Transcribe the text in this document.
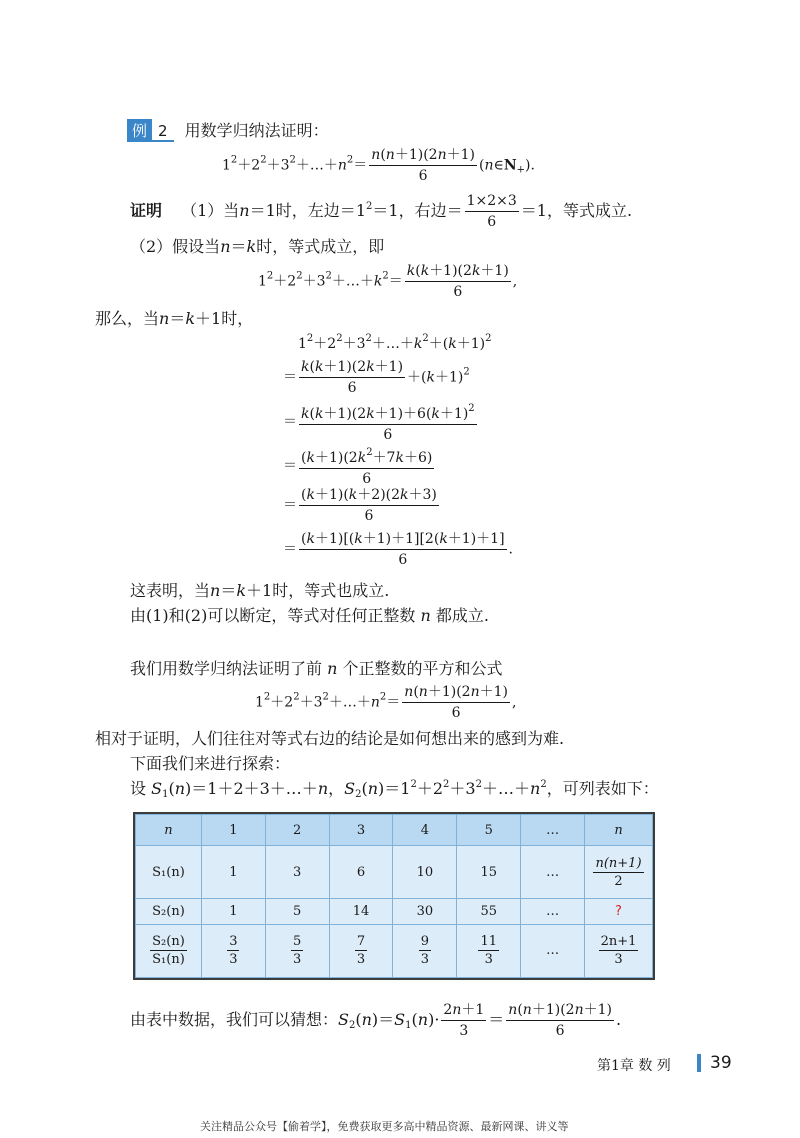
例 2 用数学归纳法证明：
$1^2+2^2+3^2+\dots+n^2= \frac{n(n+1)(2n+1)}{6}$ $(n\in N_+)$.
证明 （1）当n＝1时，左边$=1^2=1$，右边＝ $\frac{1\times 2\times 3}{6} =1$，等式成立.
（2）假设当n＝k时，等式成立，即
$1^2+2^2+3^2+\dots+k^2= \frac{k(k+1)(2k+1)}{6}$ ,
那么，当n＝k＋1时，
$1^2+2^2+3^2+\dots+k^2+(k+1)^2$
＝ $\frac{k(k+1)(2k+1)}{6} +(k+1)^2$
＝ $\frac{k(k+1)(2k+1)+6(k+1)^2}{6}$
＝ $\frac{(k+1)(2k^2+7k+6)}{6}$
＝ $\frac{(k+1)(k+2)(2k+3)}{6}$
＝ $\frac{(k+1)[(k+1)+1][2(k+1)+1]}{6}$ .
这表明，当n＝k＋1时，等式也成立.
由(1)和(2)可以断定，等式对任何正整数 n 都成立.
我们用数学归纳法证明了前 n 个正整数的平方和公式
$1^2+2^2+3^2+\dots+n^2= \frac{n(n+1)(2n+1)}{6}$ ,
相对于证明，人们往往对等式右边的结论是如何想出来的感到为难.
下面我们来进行探索：
设 $S_1(n)=1+2+3+\dots+n$，$S_2(n)=1^2+2^2+3^2+\dots+n^2$，可列表如下：
n	1	2	3	4	5	…	n
S₁(n)	1	3	6	10	15	…	$\frac{n(n+1)}{2}$

S₂(n)	1	5	14	30	55	…	?

$\frac{\text{S₂(n)}}{\text{S₁(n)}}$	$\frac{3}{3}$	$\frac{5}{3}$	$\frac{7}{3}$	$\frac{9}{3}$	$\frac{11}{3}$	…	$\frac{2n+1}{3}$
由表中数据，我们可以猜想：$S_2(n)=S_1(n)\cdot \frac{2n+1}{3} = \frac{n(n+1)(2n+1)}{6}$ .
第1章 数 列 39
关注精品公众号【偷着学】，免费获取更多高中精品资源、最新网课、讲义等
